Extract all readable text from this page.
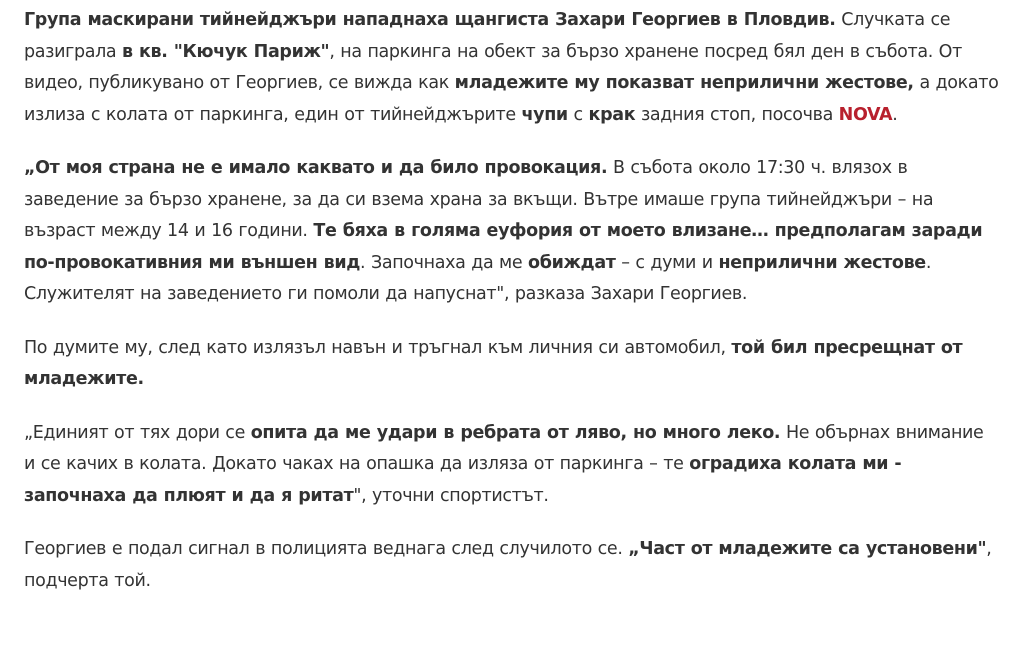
Група маскирани тийнейджъри нападнаха щангиста Захари Георгиев в Пловдив. Случката се разиграла в кв. "Кючук Париж", на паркинга на обект за бързо хранене посред бял ден в събота. От видео, публикувано от Георгиев, се вижда как младежите му показват неприлични жестове, а докато излиза с колата от паркинга, един от тийнейджърите чупи с крак задния стоп, посочва NOVA.

„От моя страна не е имало каквато и да било провокация. В събота около 17:30 ч. влязох в заведение за бързо хранене, за да си взема храна за вкъщи. Вътре имаше група тийнейджъри – на възраст между 14 и 16 години. Те бяха в голяма еуфория от моето влизане… предполагам заради по-провокативния ми външен вид. Започнаха да ме обиждат – с думи и неприлични жестове. Служителят на заведението ги помоли да напуснат", разказа Захари Георгиев.

По думите му, след като излязъл навън и тръгнал към личния си автомобил, той бил пресрещнат от младежите.

„Единият от тях дори се опита да ме удари в ребрата от ляво, но много леко. Не обърнах внимание и се качих в колата. Докато чаках на опашка да изляза от паркинга – те оградиха колата ми - започнаха да плюят и да я ритат", уточни спортистът.

Георгиев е подал сигнал в полицията веднага след случилото се. „Част от младежите са установени", подчерта той.
